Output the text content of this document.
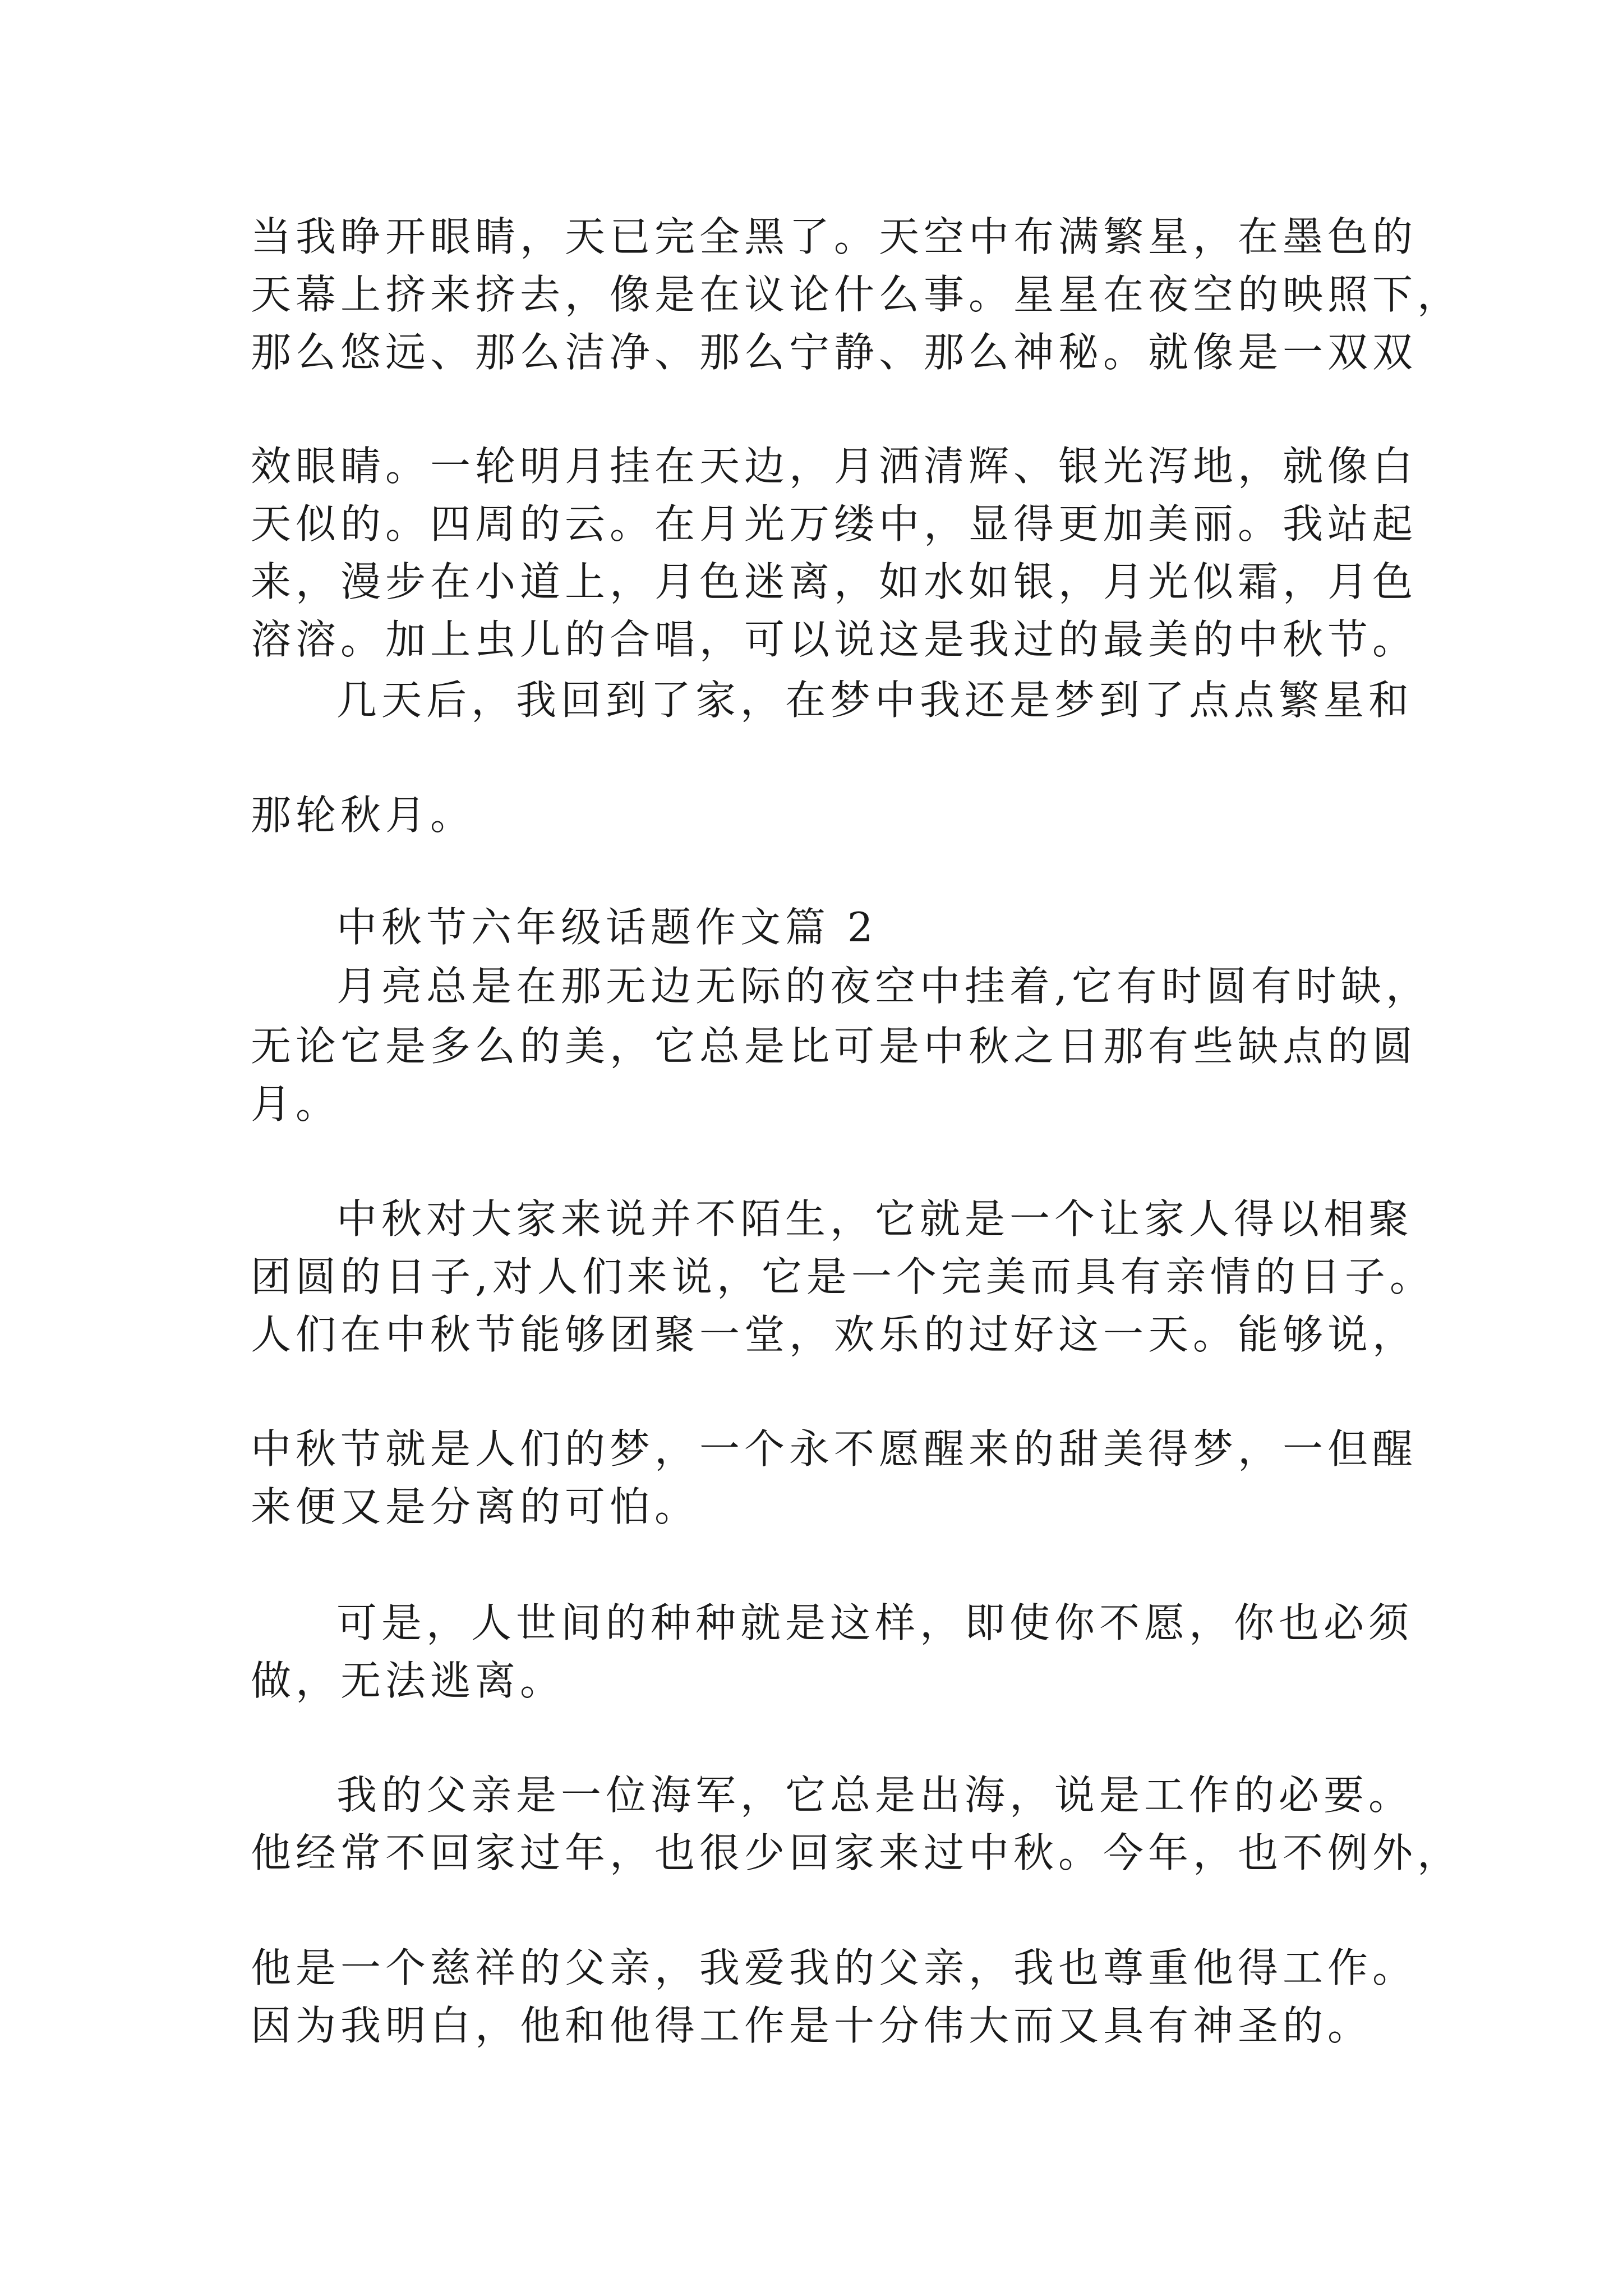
当我睁开眼睛，天已完全黑了。天空中布满繁星，在墨色的

天幕上挤来挤去，像是在议论什么事。星星在夜空的映照下，

那么悠远、那么洁净、那么宁静、那么神秘。就像是一双双

效眼睛。一轮明月挂在天边，月洒清辉、银光泻地，就像白

天似的。四周的云。在月光万缕中，显得更加美丽。我站起

来，漫步在小道上，月色迷离，如水如银，月光似霜，月色

溶溶。加上虫儿的合唱，可以说这是我过的最美的中秋节。

几天后，我回到了家，在梦中我还是梦到了点点繁星和

那轮秋月。

中秋节六年级话题作文篇 2

月亮总是在那无边无际的夜空中挂着,它有时圆有时缺，

无论它是多么的美，它总是比可是中秋之日那有些缺点的圆

月。

中秋对大家来说并不陌生，它就是一个让家人得以相聚

团圆的日子,对人们来说，它是一个完美而具有亲情的日子。

人们在中秋节能够团聚一堂，欢乐的过好这一天。能够说，

中秋节就是人们的梦，一个永不愿醒来的甜美得梦，一但醒

来便又是分离的可怕。

可是，人世间的种种就是这样，即使你不愿，你也必须

做，无法逃离。

我的父亲是一位海军，它总是出海，说是工作的必要。

他经常不回家过年，也很少回家来过中秋。今年，也不例外，

他是一个慈祥的父亲，我爱我的父亲，我也尊重他得工作。

因为我明白，他和他得工作是十分伟大而又具有神圣的。
